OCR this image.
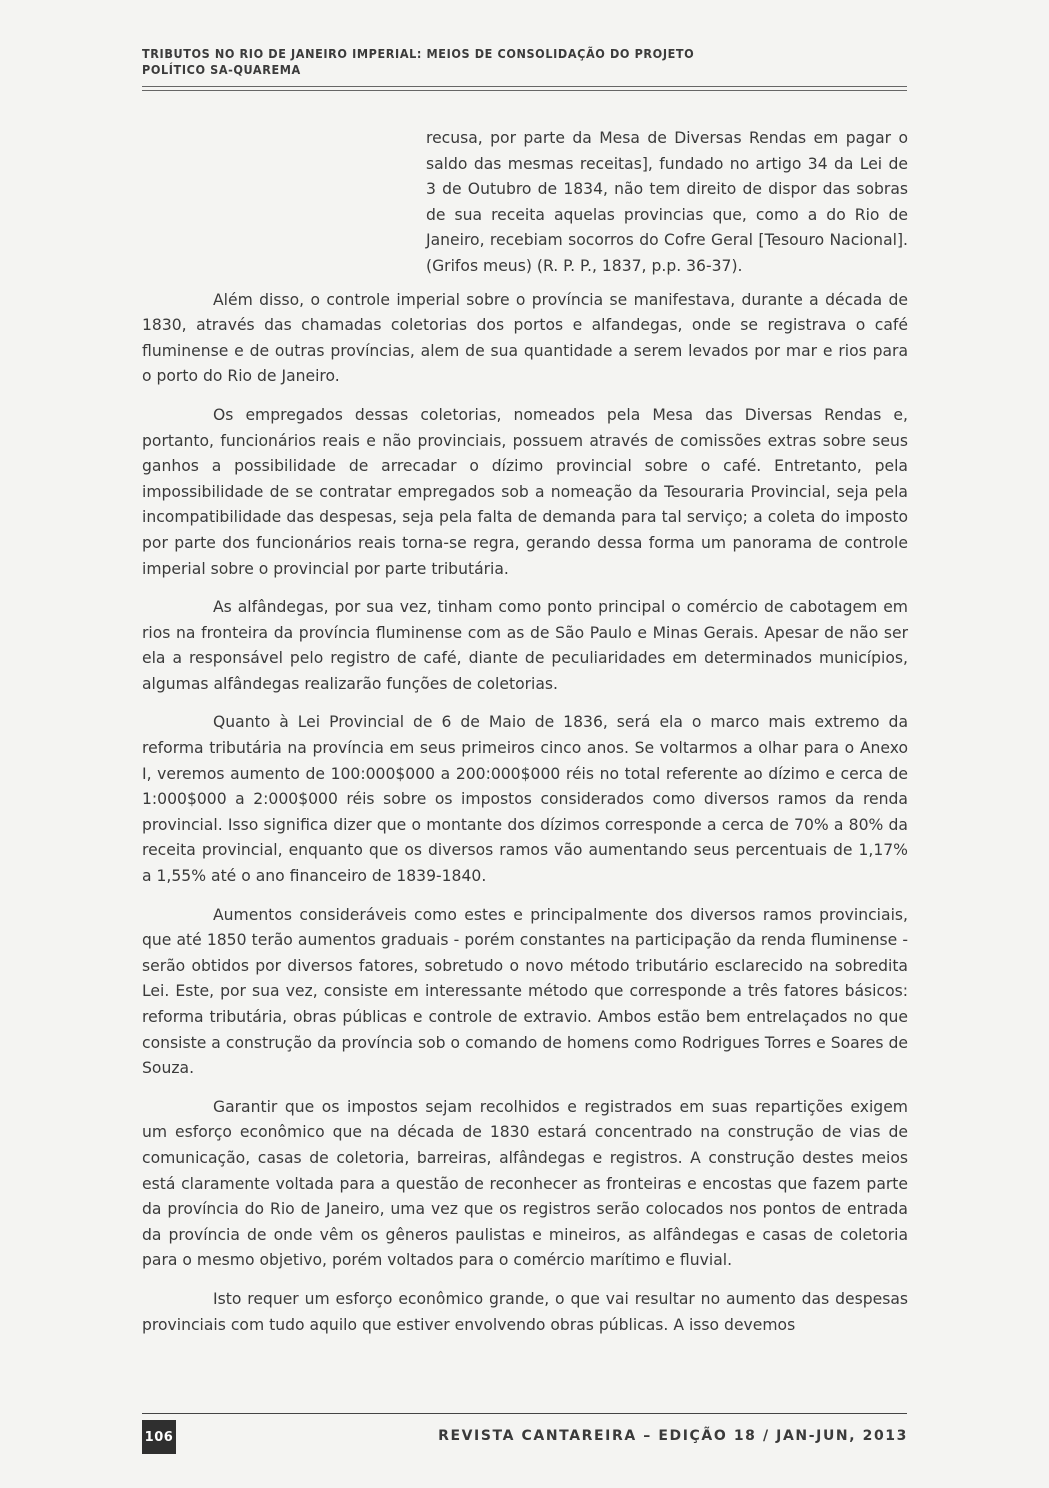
TRIBUTOS NO RIO DE JANEIRO IMPERIAL: MEIOS DE CONSOLIDAÇÃO DO PROJETO POLÍTICO SA-QUAREMA
recusa, por parte da Mesa de Diversas Rendas em pagar o saldo das mesmas receitas], fundado no artigo 34 da Lei de 3 de Outubro de 1834, não tem direito de dispor das sobras de sua receita aquelas provincias que, como a do Rio de Janeiro, recebiam socorros do Cofre Geral [Tesouro Nacional]. (Grifos meus) (R. P. P., 1837, p.p. 36-37).

Além disso, o controle imperial sobre o província se manifestava, durante a década de 1830, através das chamadas coletorias dos portos e alfandegas, onde se registrava o café fluminense e de outras províncias, alem de sua quantidade a serem levados por mar e rios para o porto do Rio de Janeiro.

Os empregados dessas coletorias, nomeados pela Mesa das Diversas Rendas e, portanto, funcionários reais e não provinciais, possuem através de comissões extras sobre seus ganhos a possibilidade de arrecadar o dízimo provincial sobre o café. Entretanto, pela impossibilidade de se contratar empregados sob a nomeação da Tesouraria Provincial, seja pela incompatibilidade das despesas, seja pela falta de demanda para tal serviço; a coleta do imposto por parte dos funcionários reais torna-se regra, gerando dessa forma um panorama de controle imperial sobre o provincial por parte tributária.

As alfândegas, por sua vez, tinham como ponto principal o comércio de cabotagem em rios na fronteira da província fluminense com as de São Paulo e Minas Gerais. Apesar de não ser ela a responsável pelo registro de café, diante de peculiaridades em determinados municípios, algumas alfândegas realizarão funções de coletorias.

Quanto à Lei Provincial de 6 de Maio de 1836, será ela o marco mais extremo da reforma tributária na província em seus primeiros cinco anos. Se voltarmos a olhar para o Anexo I, veremos aumento de 100:000$000 a 200:000$000 réis no total referente ao dízimo e cerca de 1:000$000 a 2:000$000 réis sobre os impostos considerados como diversos ramos da renda provincial. Isso significa dizer que o montante dos dízimos corresponde a cerca de 70% a 80% da receita provincial, enquanto que os diversos ramos vão aumentando seus percentuais de 1,17% a 1,55% até o ano financeiro de 1839-1840.

Aumentos consideráveis como estes e principalmente dos diversos ramos provinciais, que até 1850 terão aumentos graduais - porém constantes na participação da renda fluminense - serão obtidos por diversos fatores, sobretudo o novo método tributário esclarecido na sobredita Lei. Este, por sua vez, consiste em interessante método que corresponde a três fatores básicos: reforma tributária, obras públicas e controle de extravio. Ambos estão bem entrelaçados no que consiste a construção da província sob o comando de homens como Rodrigues Torres e Soares de Souza.

Garantir que os impostos sejam recolhidos e registrados em suas repartições exigem um esforço econômico que na década de 1830 estará concentrado na construção de vias de comunicação, casas de coletoria, barreiras, alfândegas e registros. A construção destes meios está claramente voltada para a questão de reconhecer as fronteiras e encostas que fazem parte da província do Rio de Janeiro, uma vez que os registros serão colocados nos pontos de entrada da província de onde vêm os gêneros paulistas e mineiros, as alfândegas e casas de coletoria para o mesmo objetivo, porém voltados para o comércio marítimo e fluvial.

Isto requer um esforço econômico grande, o que vai resultar no aumento das despesas provinciais com tudo aquilo que estiver envolvendo obras públicas. A isso devemos

106	REVISTA CANTAREIRA – EDIÇÃO 18 / JAN-JUN, 2013
